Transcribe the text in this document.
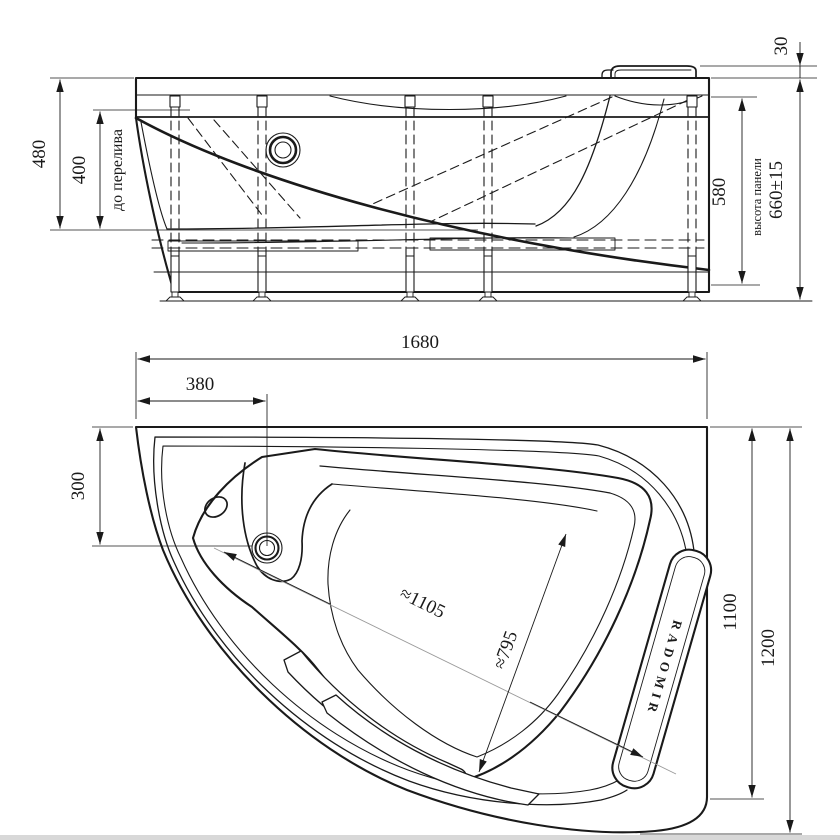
480
400 до перелива	580 высота панели 660±15
30
RADOMIR
1680
380
300
1100
1200
≈1105
≈795
